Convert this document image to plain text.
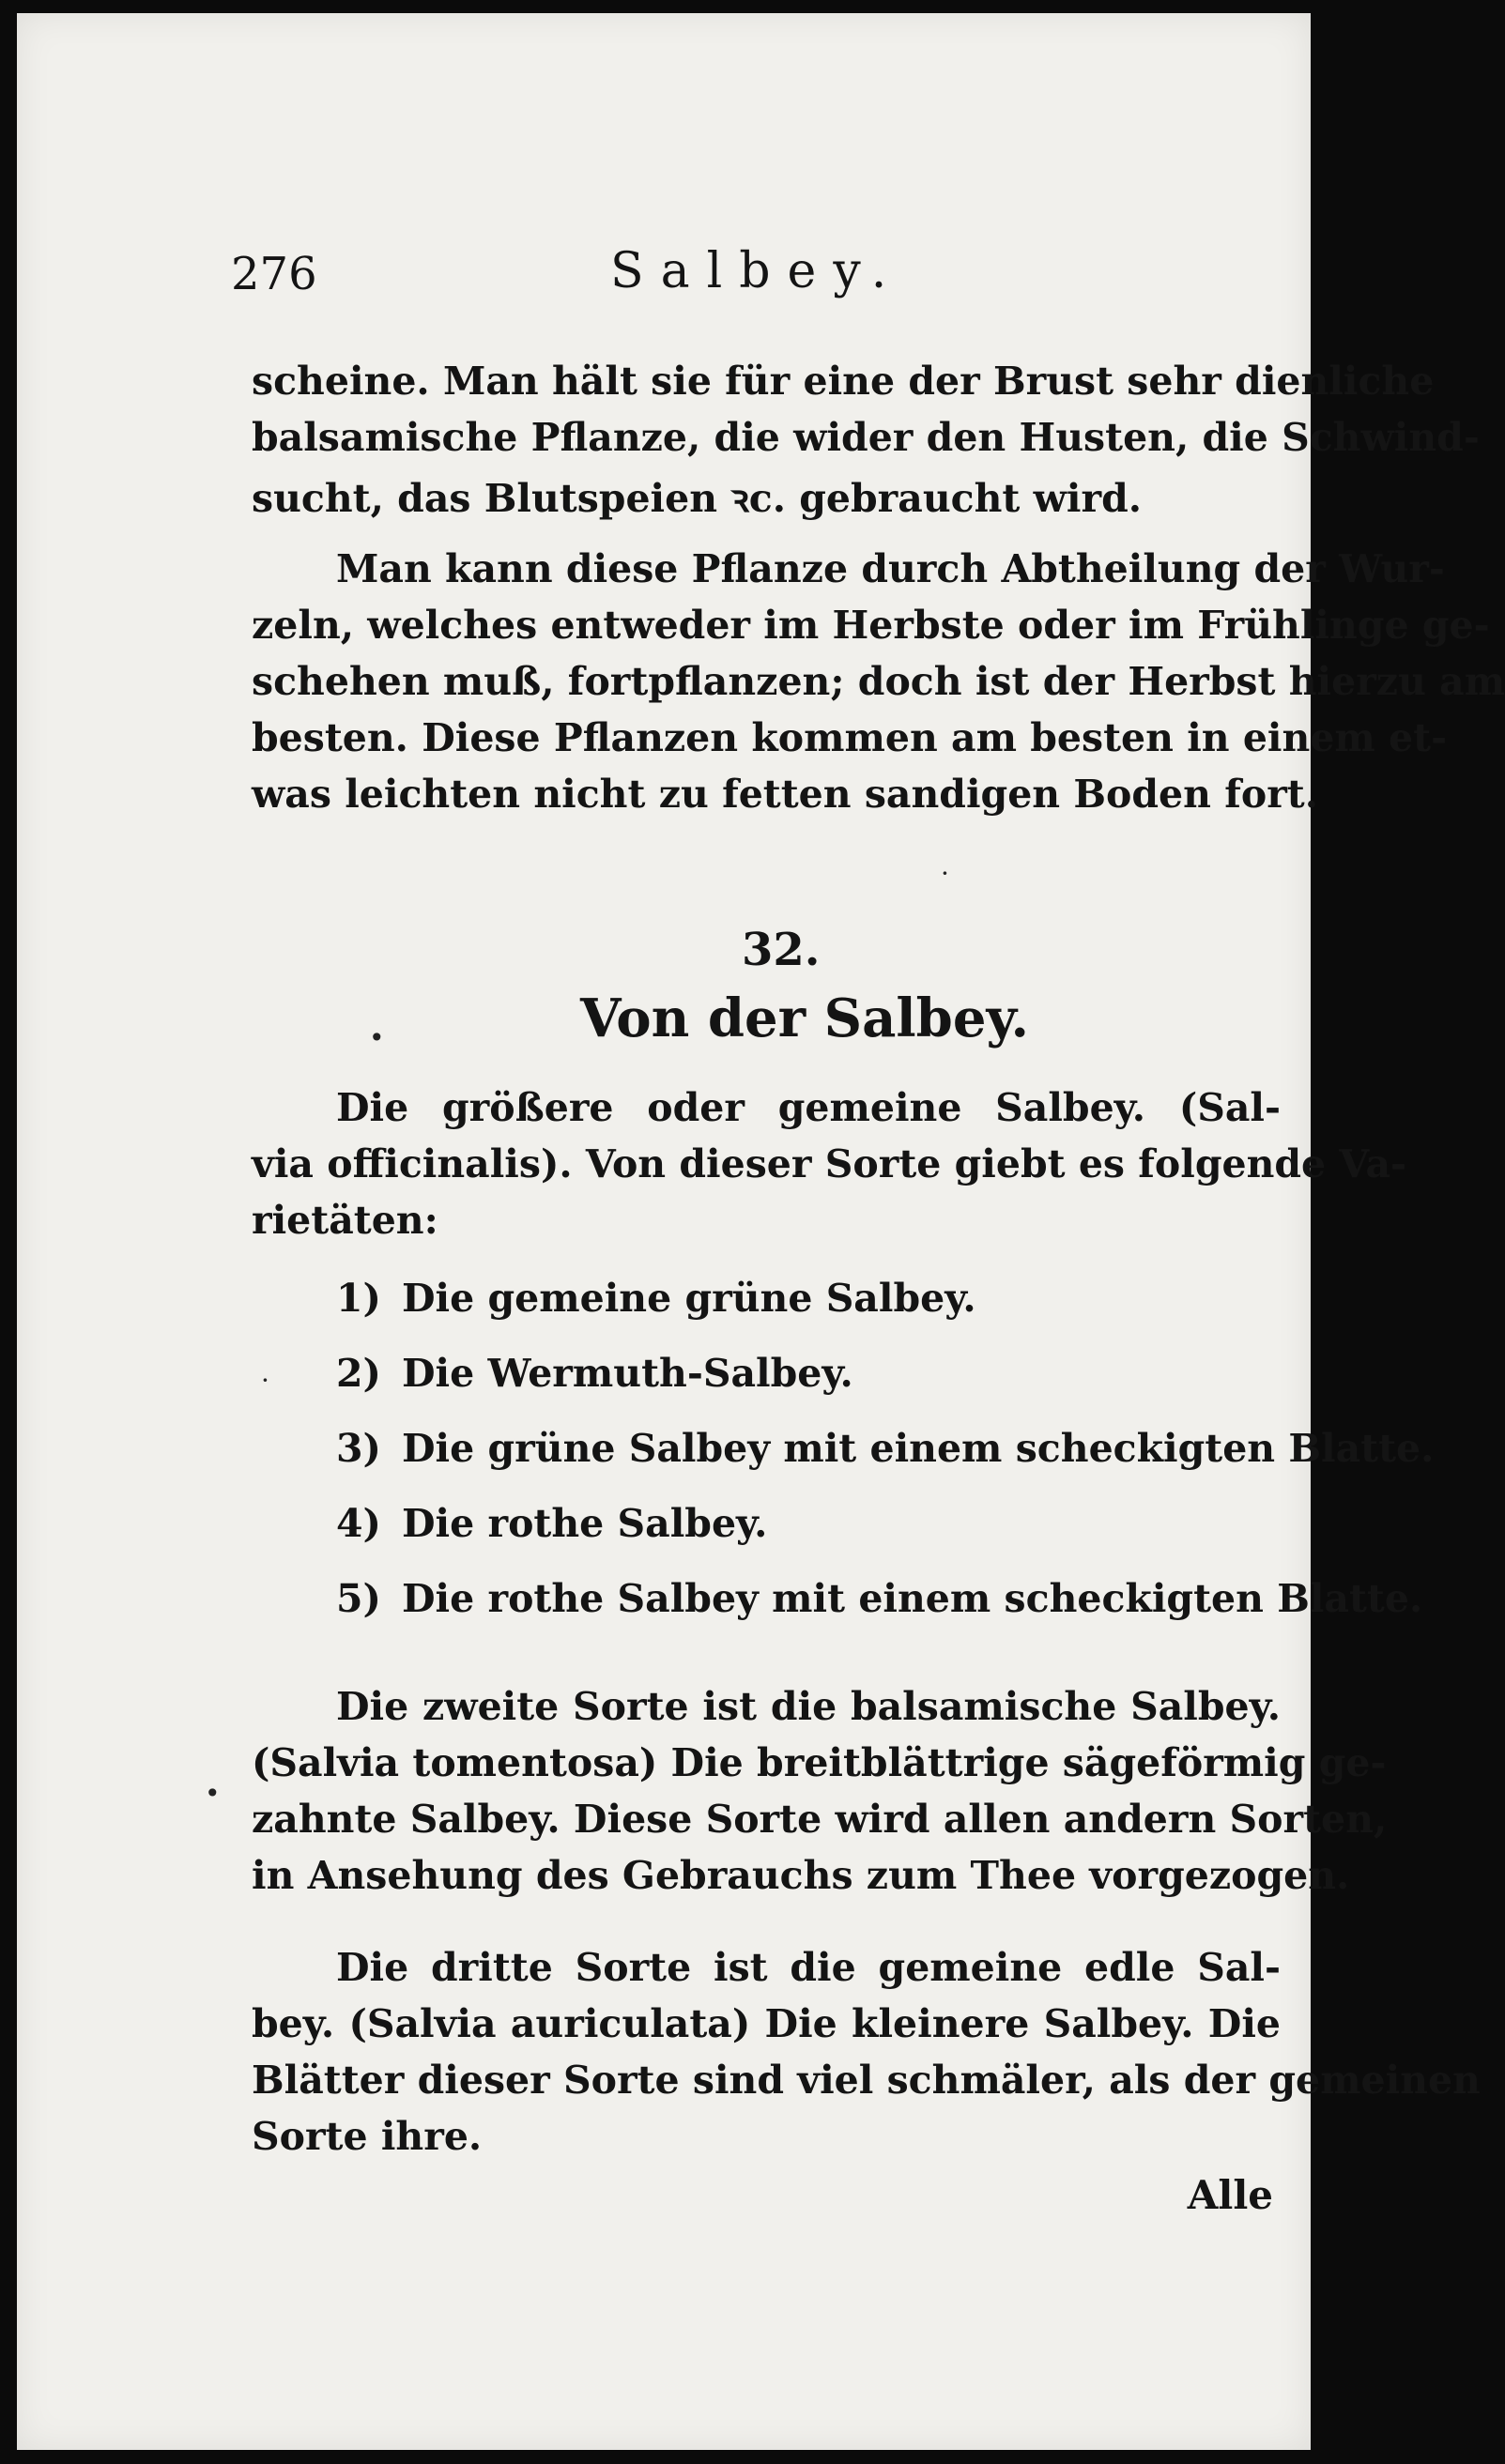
276	Salbey.
scheine. Man hält sie für eine der Brust sehr dienliche
balsamische Pflanze, die wider den Husten, die Schwind-
sucht, das Blutspeien ꝛc. gebraucht wird.
Man kann diese Pflanze durch Abtheilung der Wur-
zeln, welches entweder im Herbste oder im Frühlinge ge-
schehen muß, fortpflanzen; doch ist der Herbst hierzu am
besten. Diese Pflanzen kommen am besten in einem et-
was leichten nicht zu fetten sandigen Boden fort.
32.
Von der Salbey.
Die größere oder gemeine Salbey. (Sal-
via officinalis). Von dieser Sorte giebt es folgende Va-
rietäten:
1) Die gemeine grüne Salbey.
2) Die Wermuth-Salbey.
3) Die grüne Salbey mit einem scheckigten Blatte.
4) Die rothe Salbey.
5) Die rothe Salbey mit einem scheckigten Blatte.
Die zweite Sorte ist die balsamische Salbey.
(Salvia tomentosa) Die breitblättrige sägeförmig ge-
zahnte Salbey. Diese Sorte wird allen andern Sorten,
in Ansehung des Gebrauchs zum Thee vorgezogen.
Die dritte Sorte ist die gemeine edle Sal-
bey. (Salvia auriculata) Die kleinere Salbey. Die
Blätter dieser Sorte sind viel schmäler, als der gemeinen
Sorte ihre.
Alle
•
·
•
·
